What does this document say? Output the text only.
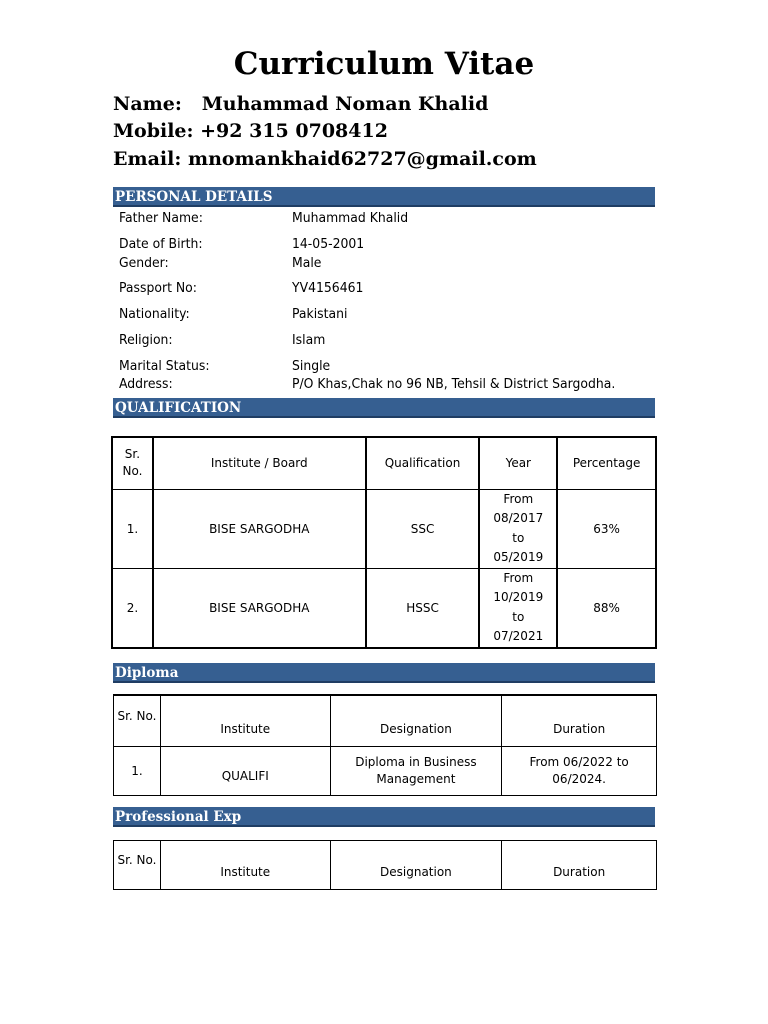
Curriculum Vitae
Name:   Muhammad Noman Khalid
Mobile: +92 315 0708412
Email: mnomankhaid62727@gmail.com
PERSONAL DETAILS
Father Name:	Muhammad Khalid
Date of Birth:	14-05-2001
Gender:	Male
Passport No:	YV4156461
Nationality:	Pakistani
Religion:	Islam
Marital Status:	Single
Address:	P/O Khas,Chak no 96 NB, Tehsil & District Sargodha.
QUALIFICATION
Sr.
No.	Institute / Board	Qualification	Year	Percentage
1.	BISE SARGODHA	SSC	From
08/2017
to
05/2019	63%
2.	BISE SARGODHA	HSSC	From
10/2019
to
07/2021	88%
Diploma
Sr. No.	Institute	Designation	Duration
1.	QUALIFI	Diploma in Business
Management	From 06/2022 to
06/2024.
Professional Exp
Sr. No.	Institute	Designation	Duration
